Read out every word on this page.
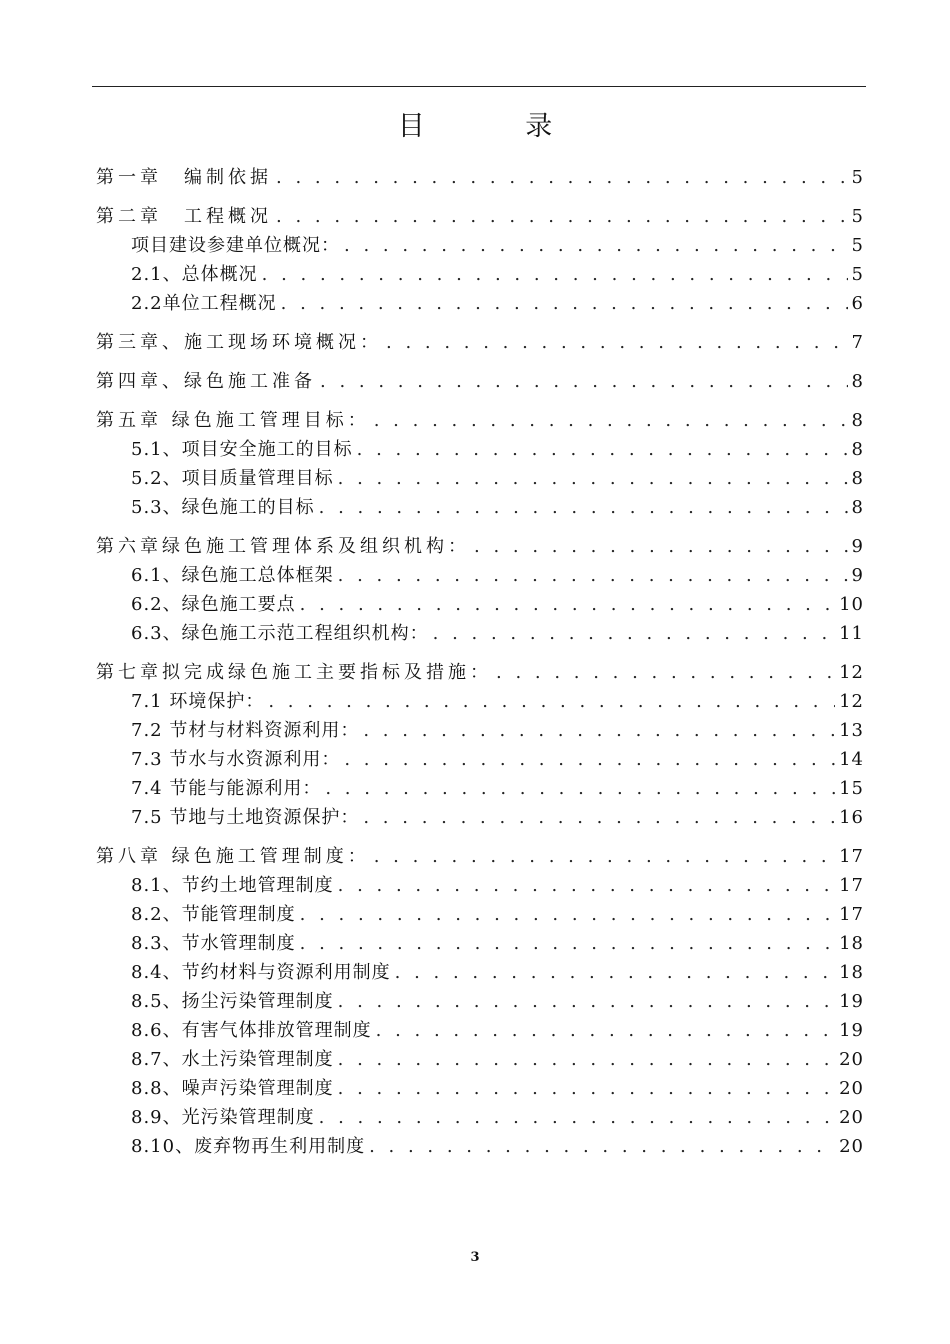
目 录
第一章　编制依据 . . .	5
第二章　工程概况 . . .	5
项目建设参建单位概况： . . .	5
2.1、总体概况 . . .	5
2.2单位工程概况 . . .	6
第三章、施工现场环境概况： . . .	7
第四章、绿色施工准备 . . .	8
第五章 绿色施工管理目标： . . .	8
5.1、项目安全施工的目标 . . .	8
5.2、项目质量管理目标 . . .	8
5.3、绿色施工的目标 . . .	8
第六章绿色施工管理体系及组织机构： . . .	9
6.1、绿色施工总体框架 . . .	9
6.2、绿色施工要点 . . .	10
6.3、绿色施工示范工程组织机构： . . .	11
第七章拟完成绿色施工主要指标及措施： . . .	12
7.1 环境保护： . . .	12
7.2 节材与材料资源利用： . . .	13
7.3 节水与水资源利用： . . .	14
7.4 节能与能源利用： . . .	15
7.5 节地与土地资源保护： . . .	16
第八章 绿色施工管理制度： . . .	17
8.1、节约土地管理制度 . . .	17
8.2、节能管理制度 . . .	17
8.3、节水管理制度 . . .	18
8.4、节约材料与资源利用制度 . . .	18
8.5、扬尘污染管理制度 . . .	19
8.6、有害气体排放管理制度 . . .	19
8.7、水土污染管理制度 . . .	20
8.8、噪声污染管理制度 . . .	20
8.9、光污染管理制度 . . .	20
8.10、废弃物再生利用制度 . . .	20
3
